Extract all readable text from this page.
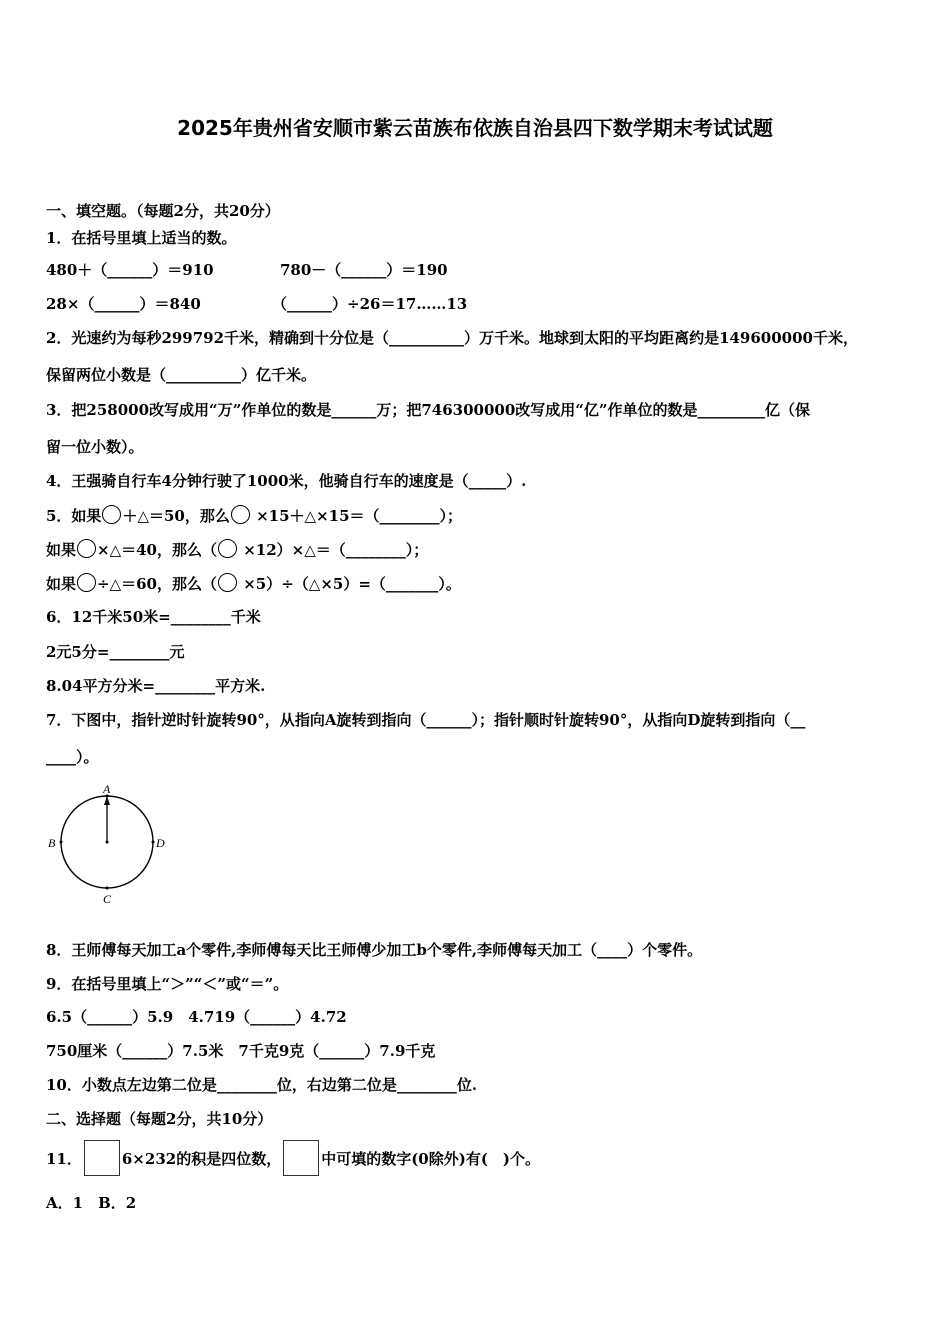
2025年贵州省安顺市紫云苗族布依族自治县四下数学期末考试试题
一、填空题。（每题2分，共20分）
1．在括号里填上适当的数。
480＋（______）＝910	780－（______）＝190
28×（______）＝840	（______）÷26＝17……13
2．光速约为每秒299792千米，精确到十分位是（__________）万千米。地球到太阳的平均距离约是149600000千米，
保留两位小数是（__________）亿千米。
3．把258000改写成用“万”作单位的数是______万；把746300000改写成用“亿”作单位的数是_________亿（保
留一位小数）。
4．王强骑自行车4分钟行驶了1000米，他骑自行车的速度是（_____）.
5．如果 ＋△＝50，那么 ×15＋△×15＝（________）；
如果 ×△＝40，那么（ ×12）×△＝（________）；
如果 ÷△＝60，那么（ ×5）÷（△×5）=（_______）。
6．12千米50米=________千米
2元5分=________元
8.04平方分米=________平方米.
7．下图中，指针逆时针旋转90°，从指向A旋转到指向（______）；指针顺时针旋转90°，从指向D旋转到指向（__
____）。
A
B	D
C
8．王师傅每天加工a个零件,李师傅每天比王师傅少加工b个零件,李师傅每天加工（____）个零件。
9．在括号里填上“＞”“＜”或“＝”。
6.5（______）5.9　4.719（______）4.72
750厘米（______）7.5米　7千克9克（______）7.9千克
10．小数点左边第二位是________位，右边第二位是________位.
二、选择题（每题2分，共10分）
11．	6×232的积是四位数，	中可填的数字(0除外)有(　)个。
A．1　B．2
